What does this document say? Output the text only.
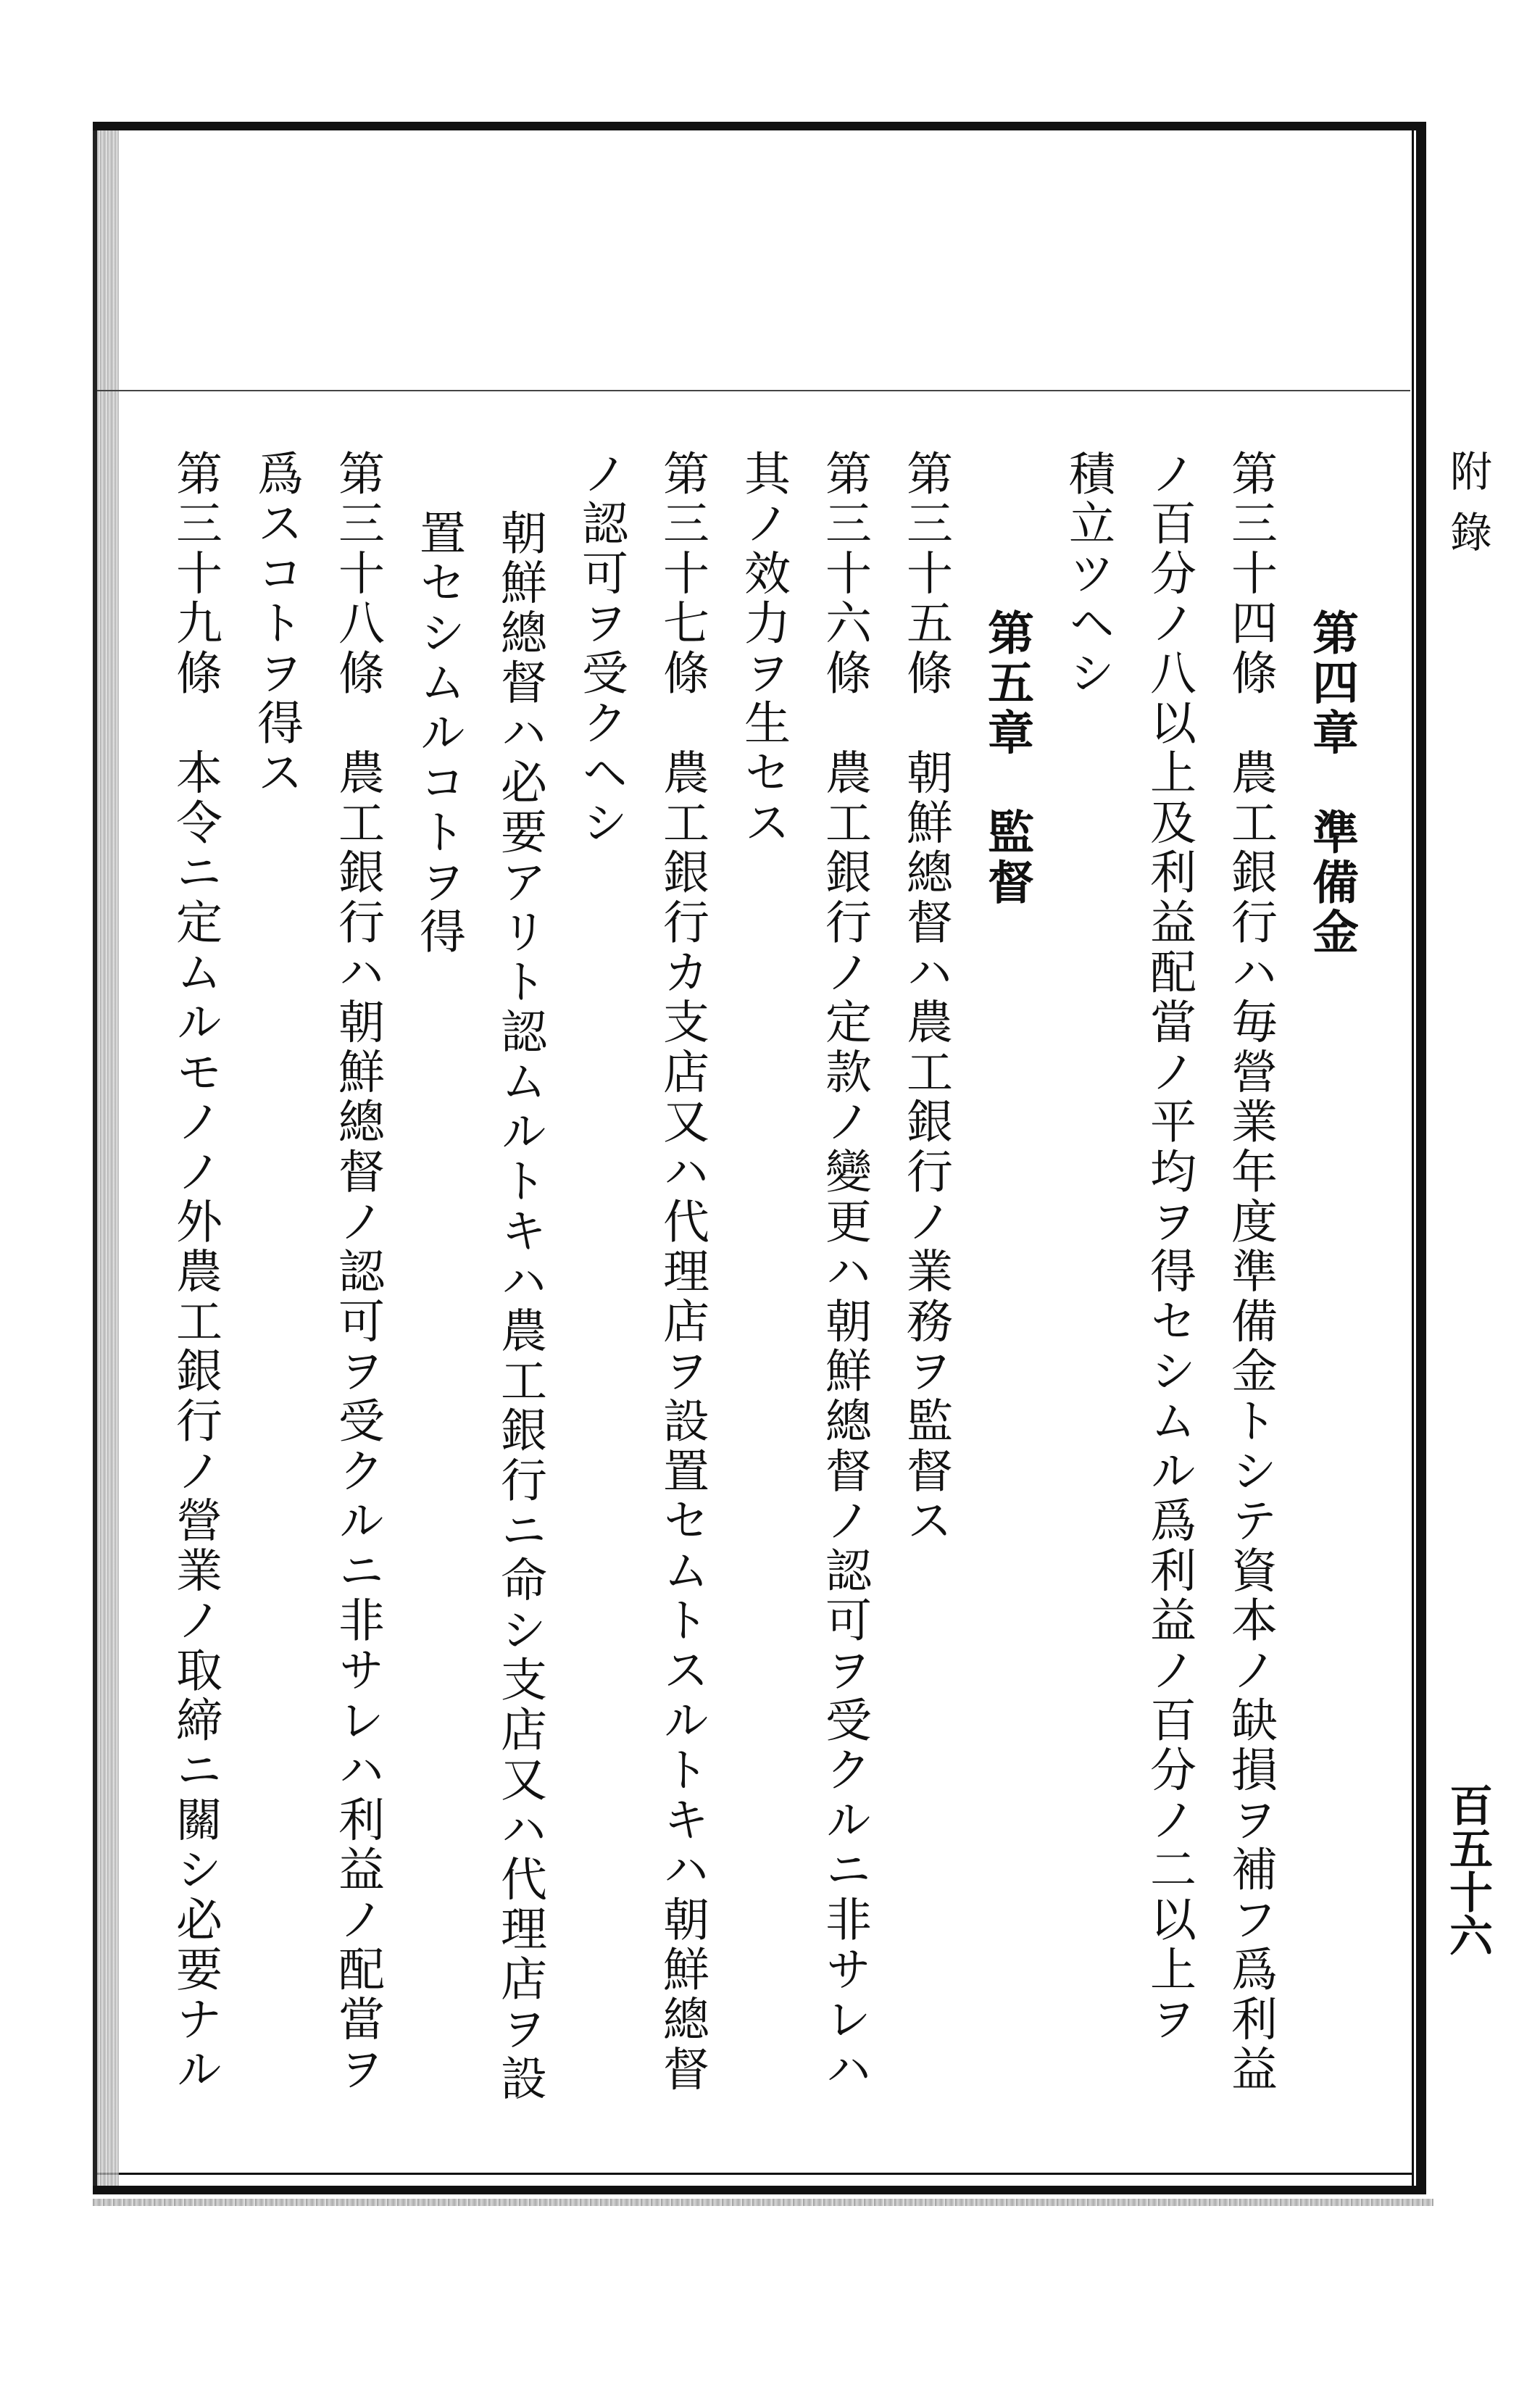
附錄
百五十六
第四章　準備金
第三十四條　農工銀行ハ毎營業年度準備金トシテ資本ノ缺損ヲ補フ爲利益
ノ百分ノ八以上及利益配當ノ平均ヲ得セシムル爲利益ノ百分ノ二以上ヲ
積立ツヘシ
第五章　監督
第三十五條　朝鮮總督ハ農工銀行ノ業務ヲ監督ス
第三十六條　農工銀行ノ定款ノ變更ハ朝鮮總督ノ認可ヲ受クルニ非サレハ
其ノ效力ヲ生セス
第三十七條　農工銀行カ支店又ハ代理店ヲ設置セムトスルトキハ朝鮮總督
ノ認可ヲ受クヘシ
朝鮮總督ハ必要アリト認ムルトキハ農工銀行ニ命シ支店又ハ代理店ヲ設
置セシムルコトヲ得
第三十八條　農工銀行ハ朝鮮總督ノ認可ヲ受クルニ非サレハ利益ノ配當ヲ
爲スコトヲ得ス
第三十九條　本令ニ定ムルモノノ外農工銀行ノ營業ノ取締ニ關シ必要ナル
